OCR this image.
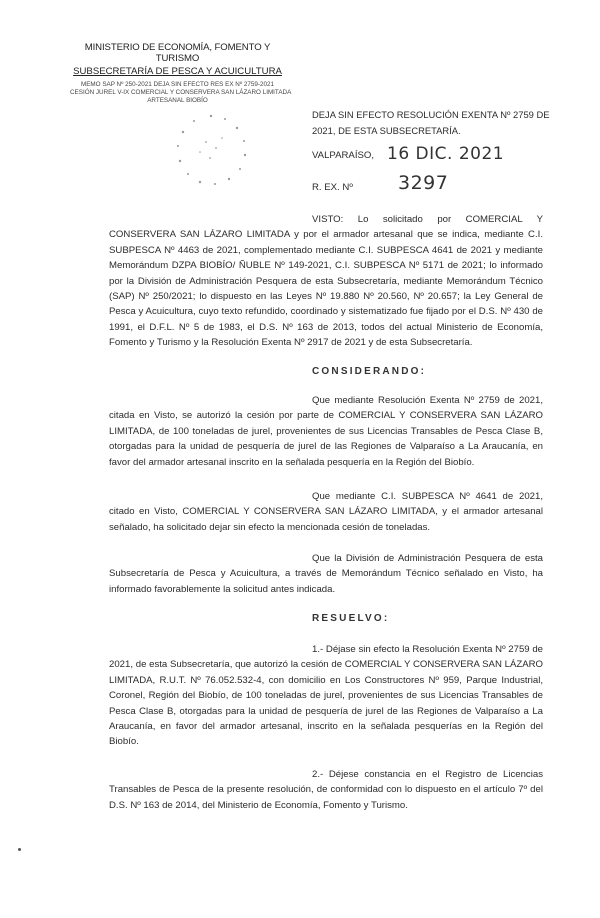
MINISTERIO DE ECONOMÍA, FOMENTO Y TURISMO
SUBSECRETARÍA DE PESCA Y ACUICULTURA
MEMO SAP Nº 250-2021 DEJA SIN EFECTO RES EX Nº 2759-2021
CESIÓN JUREL V-IX COMERCIAL Y CONSERVERA SAN LÁZARO LIMITADA
ARTESANAL BIOBÍO
DEJA SIN EFECTO RESOLUCIÓN EXENTA Nº 2759 DE 2021, DE ESTA SUBSECRETARÍA.
VALPARAÍSO, 16 DIC. 2021
R. EX. Nº 3297
VISTO: Lo solicitado por COMERCIAL Y CONSERVERA SAN LÁZARO LIMITADA y por el armador artesanal que se indica, mediante C.I. SUBPESCA Nº 4463 de 2021, complementado mediante C.I. SUBPESCA 4641 de 2021 y mediante Memorándum DZPA BIOBÍO/ ÑUBLE Nº 149-2021, C.I. SUBPESCA Nº 5171 de 2021; lo informado por la División de Administración Pesquera de esta Subsecretaría, mediante Memorándum Técnico (SAP) Nº 250/2021; lo dispuesto en las Leyes Nº 19.880 Nº 20.560, Nº 20.657; la Ley General de Pesca y Acuicultura, cuyo texto refundido, coordinado y sistematizado fue fijado por el D.S. Nº 430 de 1991, el D.F.L. Nº 5 de 1983, el D.S. Nº 163 de 2013, todos del actual Ministerio de Economía, Fomento y Turismo y la Resolución Exenta Nº 2917 de 2021 y de esta Subsecretaría.
CONSIDERANDO:
Que mediante Resolución Exenta Nº 2759 de 2021, citada en Visto, se autorizó la cesión por parte de COMERCIAL Y CONSERVERA SAN LÁZARO LIMITADA, de 100 toneladas de jurel, provenientes de sus Licencias Transables de Pesca Clase B, otorgadas para la unidad de pesquería de jurel de las Regiones de Valparaíso a La Araucanía, en favor del armador artesanal inscrito en la señalada pesquería en la Región del Biobío.
Que mediante C.I. SUBPESCA Nº 4641 de 2021, citado en Visto, COMERCIAL Y CONSERVERA SAN LÁZARO LIMITADA, y el armador artesanal señalado, ha solicitado dejar sin efecto la mencionada cesión de toneladas.
Que la División de Administración Pesquera de esta Subsecretaría de Pesca y Acuicultura, a través de Memorándum Técnico señalado en Visto, ha informado favorablemente la solicitud antes indicada.
RESUELVO:
1.- Déjase sin efecto la Resolución Exenta Nº 2759 de 2021, de esta Subsecretaría, que autorizó la cesión de COMERCIAL Y CONSERVERA SAN LÁZARO LIMITADA, R.U.T. Nº 76.052.532-4, con domicilio en Los Constructores Nº 959, Parque Industrial, Coronel, Región del Biobío, de 100 toneladas de jurel, provenientes de sus Licencias Transables de Pesca Clase B, otorgadas para la unidad de pesquería de jurel de las Regiones de Valparaíso a La Araucanía, en favor del armador artesanal, inscrito en la señalada pesquerías en la Región del Biobío.
2.- Déjese constancia en el Registro de Licencias Transables de Pesca de la presente resolución, de conformidad con lo dispuesto en el artículo 7º del D.S. Nº 163 de 2014, del Ministerio de Economía, Fomento y Turismo.
